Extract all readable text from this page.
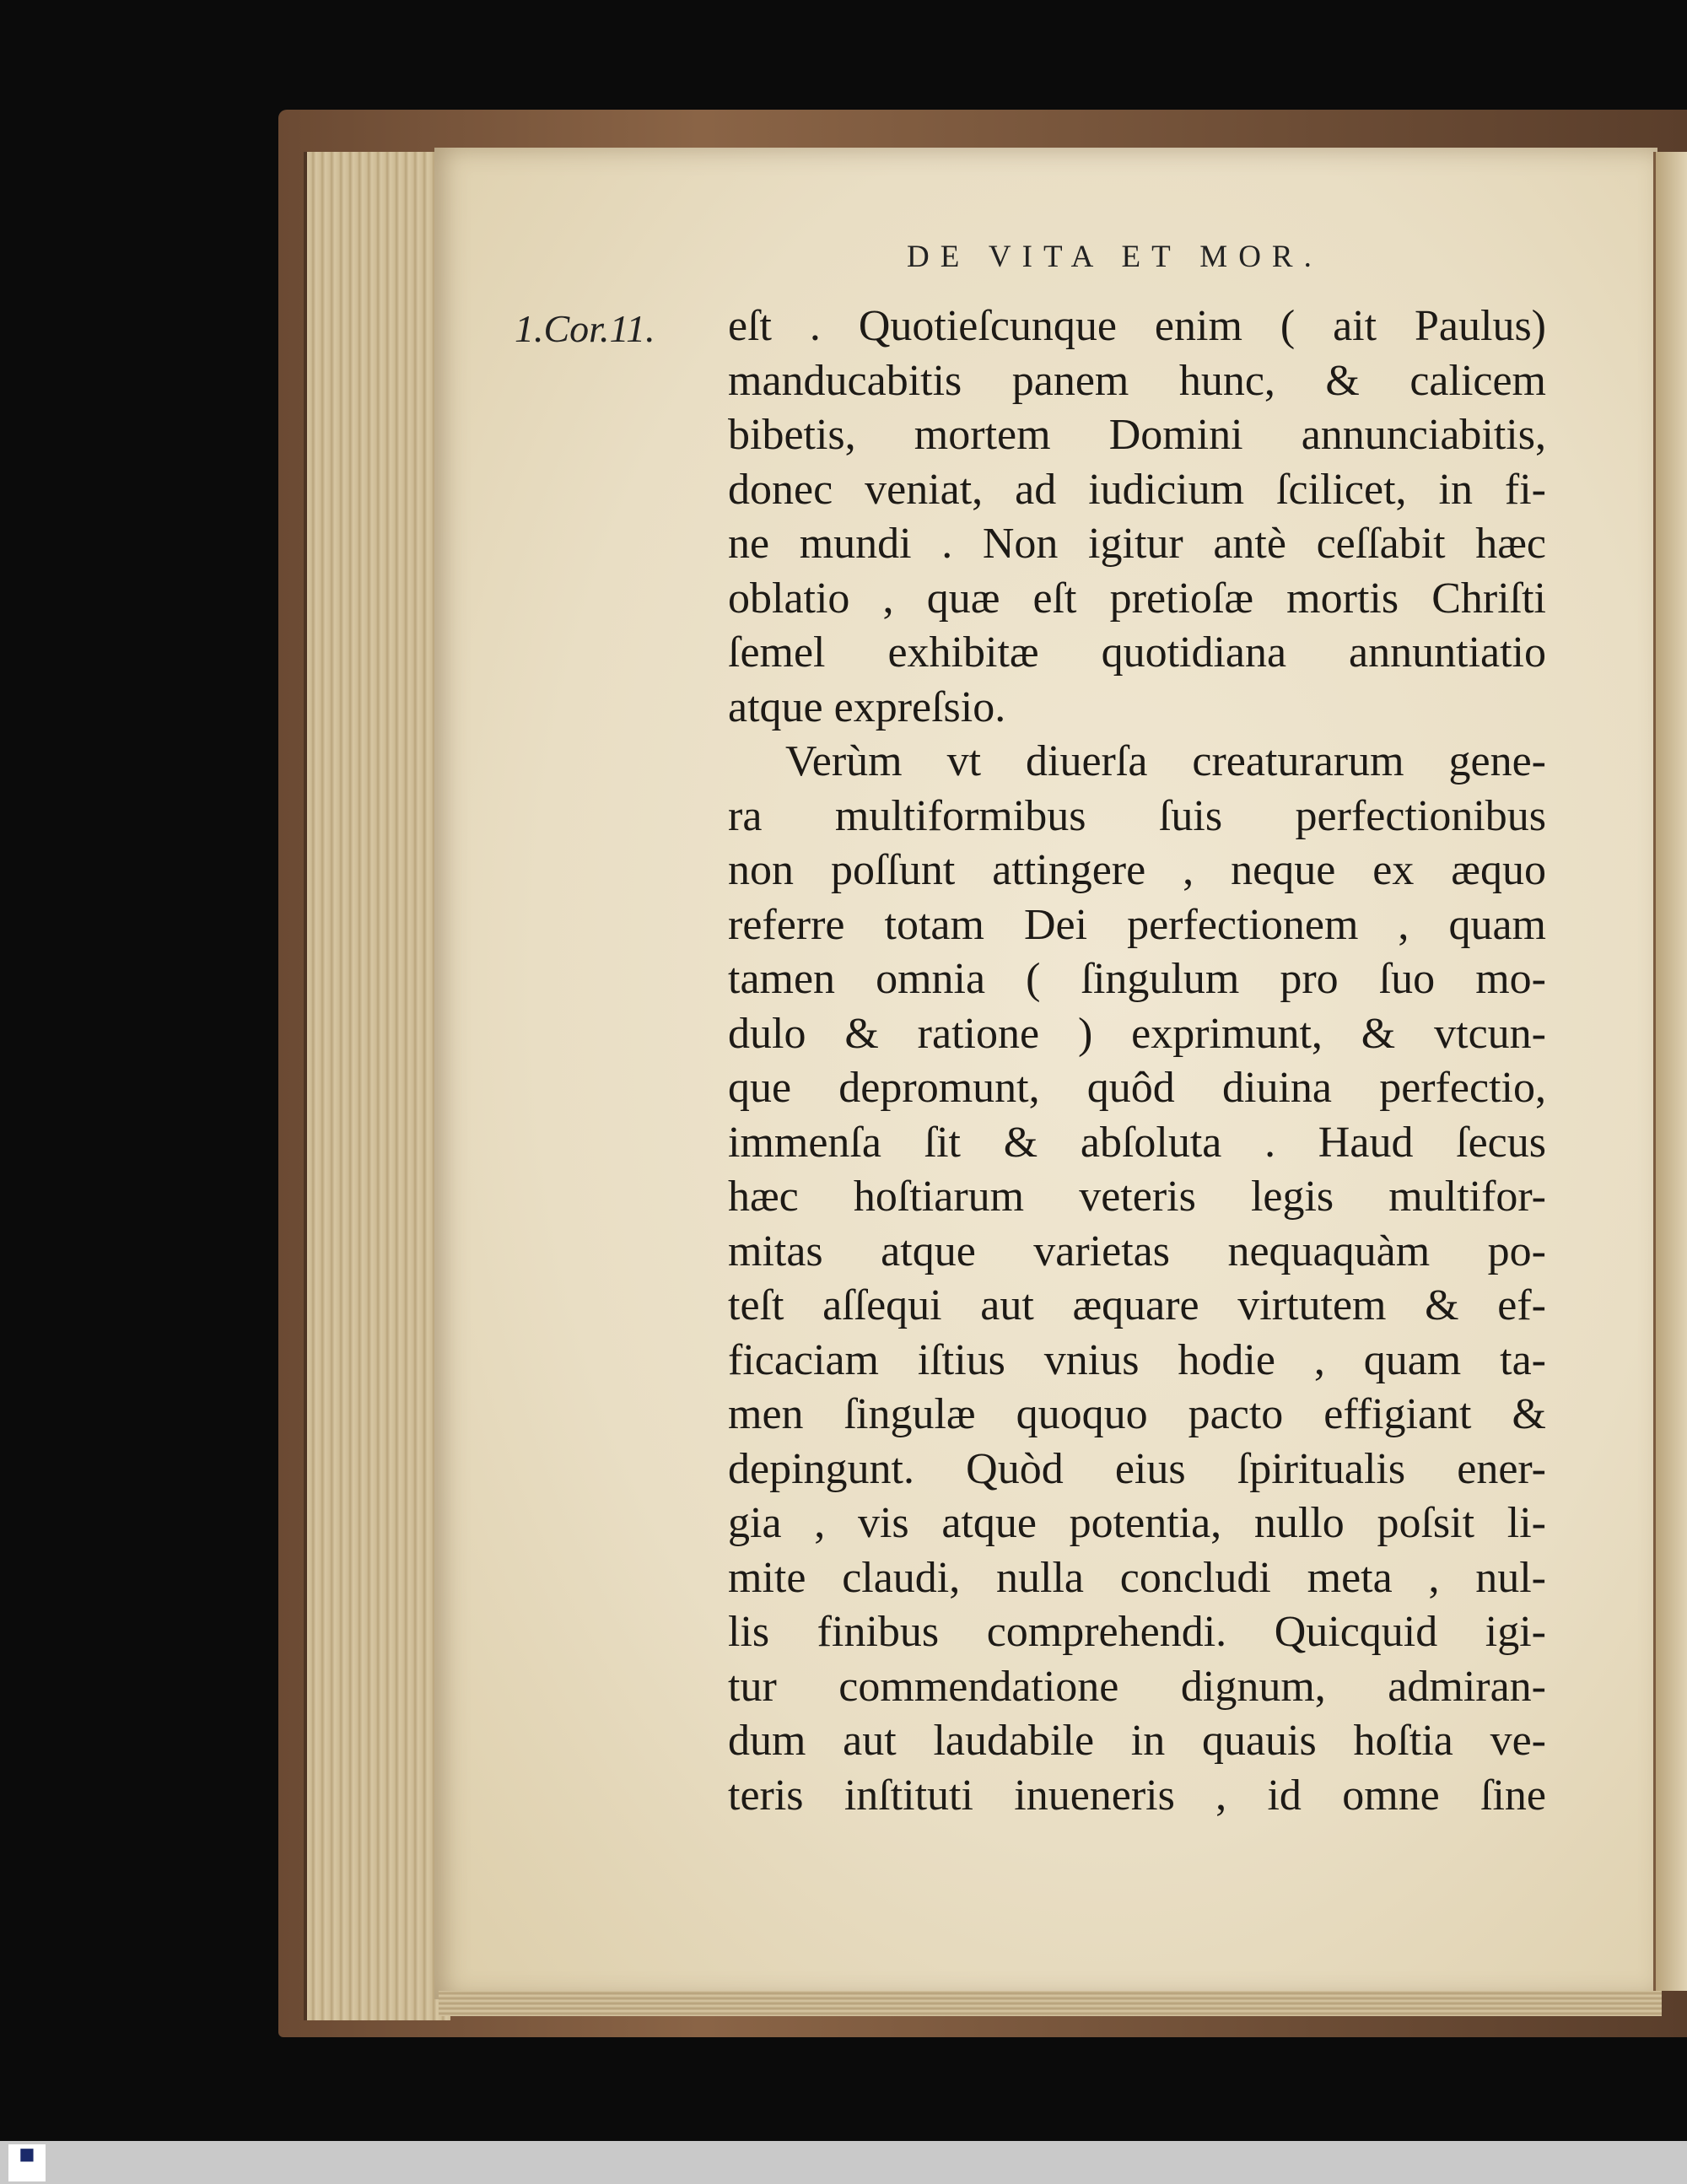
DE VITA ET MOR.
1.Cor.11. eſt . Quotieſcunque enim ( ait Paulus)
manducabitis panem hunc, & calicem
bibetis, mortem Domini annunciabitis,
donec veniat, ad iudicium ſcilicet, in fi-
ne mundi . Non igitur antè ceſſabit hæc
oblatio , quæ eſt pretioſæ mortis Chriſti
ſemel exhibitæ quotidiana annuntiatio
atque expreſsio.
Verùm vt diuerſa creaturarum gene-
ra multiformibus ſuis perfectionibus
non poſſunt attingere , neque ex æquo
referre totam Dei perfectionem , quam
tamen omnia ( ſingulum pro ſuo mo-
dulo & ratione ) exprimunt, & vtcun-
que depromunt, quôd diuina perfectio,
immenſa ſit & abſoluta . Haud ſecus
hæc hoſtiarum veteris legis multifor-
mitas atque varietas nequaquàm po-
teſt aſſequi aut æquare virtutem & ef-
ficaciam iſtius vnius hodie , quam ta-
men ſingulæ quoquo pacto effigiant &
depingunt. Quòd eius ſpiritualis ener-
gia , vis atque potentia, nullo poſsit li-
mite claudi, nulla concludi meta , nul-
lis finibus comprehendi. Quicquid igi-
tur commendatione dignum, admiran-
dum aut laudabile in quauis hoſtia ve-
teris inſtituti inueneris , id omne ſine
■
